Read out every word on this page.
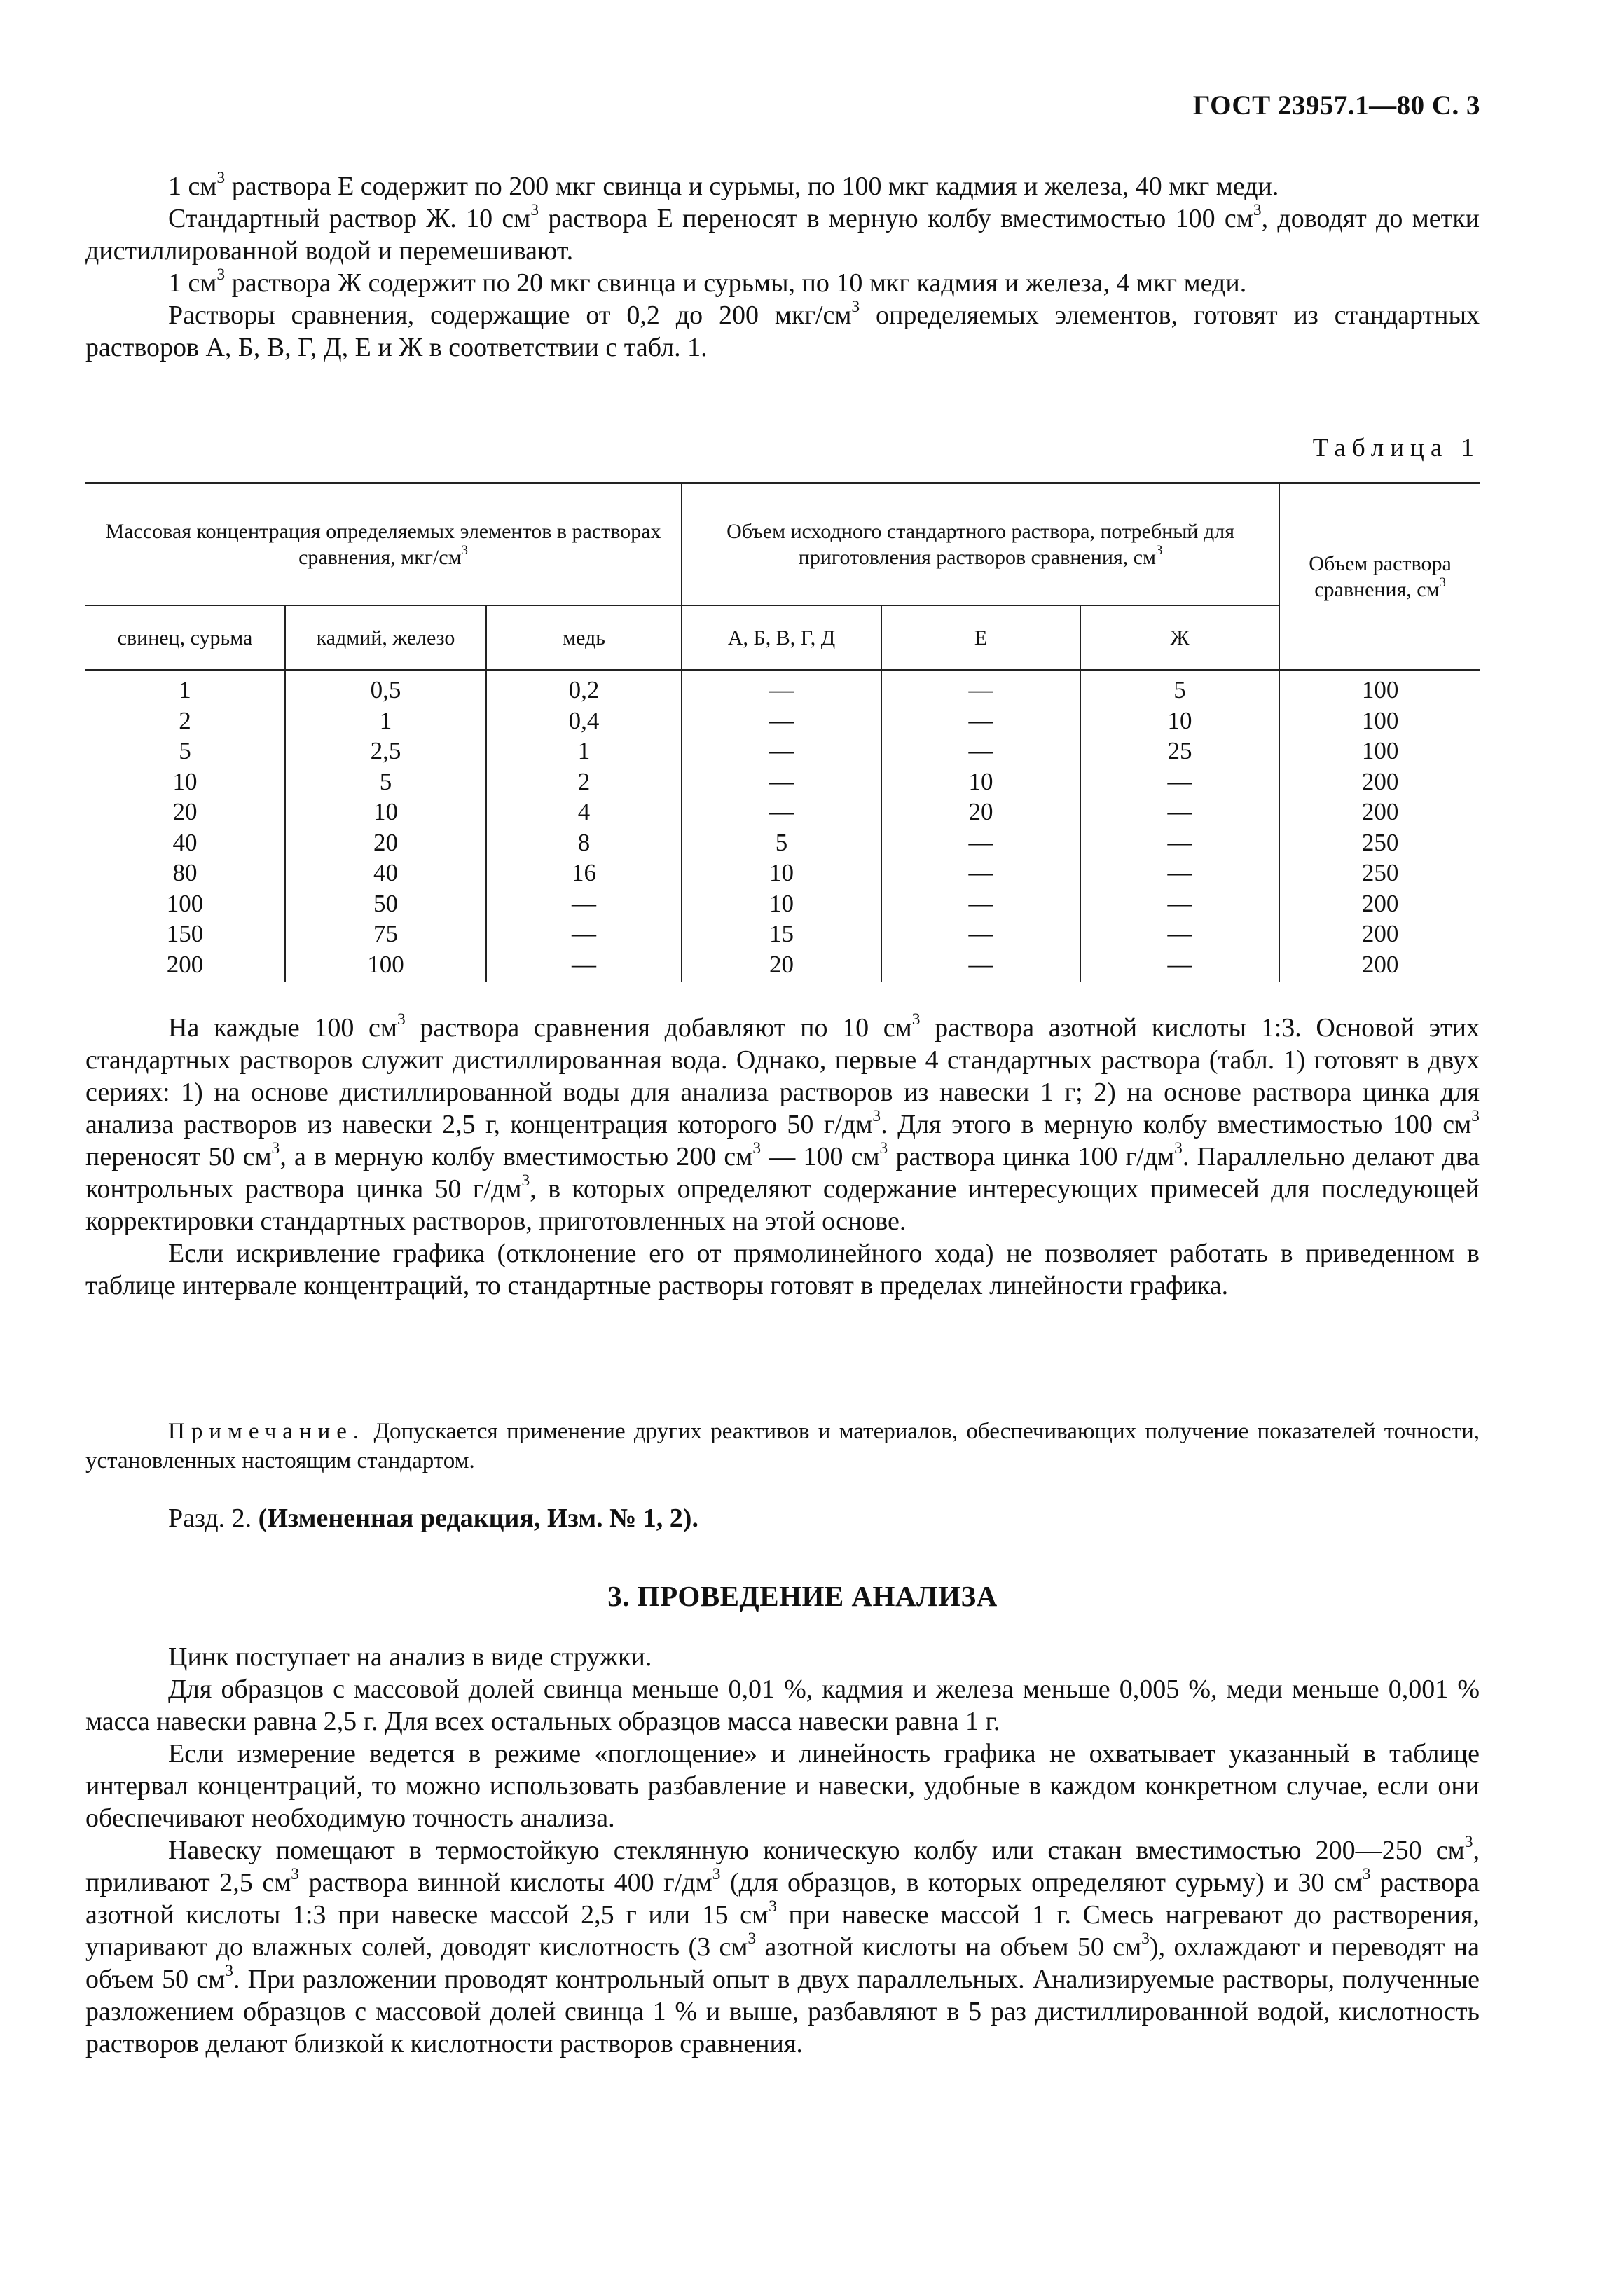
ГОСТ 23957.1—80 С. 3

1 $см^3$ раствора Е содержит по 200 мкг свинца и сурьмы, по 100 мкг кадмия и железа, 40 мкг меди.

Стандартный раствор Ж. 10 $см^3$ раствора Е переносят в мерную колбу вместимостью 100 $см^3$, доводят до метки дистиллированной водой и перемешивают.

1 $см^3$ раствора Ж содержит по 20 мкг свинца и сурьмы, по 10 мкг кадмия и железа, 4 мкг меди.

Растворы сравнения, содержащие от 0,2 до 200 мкг/$см^3$ определяемых элементов, готовят из стандартных растворов А, Б, В, Г, Д, Е и Ж в соответствии с табл. 1.

Таблица 1
Массовая концентрация определяемых элементов в растворах сравнения, мкг/$см^3$			Объем исходного стандартного раствора, потребный для приготовления растворов сравнения, $см^3$			Объем раствора сравнения, $см^3$
свинец, сурьма	кадмий, железо	медь	А, Б, В, Г, Д	Е	Ж	
1	0,5	0,2	—	—	5	100
2	1	0,4	—	—	10	100
5	2,5	1	—	—	25	100
10	5	2	—	10	—	200
20	10	4	—	20	—	200
40	20	8	5	—	—	250
80	40	16	10	—	—	250
100	50	—	10	—	—	200
150	75	—	15	—	—	200
200	100	—	20	—	—	200

На каждые 100 $см^3$ раствора сравнения добавляют по 10 $см^3$ раствора азотной кислоты 1:3. Основой этих стандартных растворов служит дистиллированная вода. Однако, первые 4 стандартных раствора (табл. 1) готовят в двух сериях: 1) на основе дистиллированной воды для анализа растворов из навески 1 г; 2) на основе раствора цинка для анализа растворов из навески 2,5 г, концентрация которого 50 $г/дм^3$. Для этого в мерную колбу вместимостью 100 $см^3$ переносят 50 $см^3$, а в мерную колбу вместимостью 200 $см^3$ — 100 $см^3$ раствора цинка 100 $г/дм^3$. Параллельно делают два контрольных раствора цинка 50 $г/дм^3$, в которых определяют содержание интересующих примесей для последующей корректировки стандартных растворов, приготовленных на этой основе.

Если искривление графика (отклонение его от прямолинейного хода) не позволяет работать в приведенном в таблице интервале концентраций, то стандартные растворы готовят в пределах линейности графика.

Примечание. Допускается применение других реактивов и материалов, обеспечивающих получение показателей точности, установленных настоящим стандартом.
Разд. 2. (Измененная редакция, Изм. № 1, 2).
3. ПРОВЕДЕНИЕ АНАЛИЗА

Цинк поступает на анализ в виде стружки.

Для образцов с массовой долей свинца меньше 0,01 %, кадмия и железа меньше 0,005 %, меди меньше 0,001 % масса навески равна 2,5 г. Для всех остальных образцов масса навески равна 1 г.

Если измерение ведется в режиме «поглощение» и линейность графика не охватывает указанный в таблице интервал концентраций, то можно использовать разбавление и навески, удобные в каждом конкретном случае, если они обеспечивают необходимую точность анализа.

Навеску помещают в термостойкую стеклянную коническую колбу или стакан вместимостью 200—250 $см^3$, приливают 2,5 $см^3$ раствора винной кислоты 400 $г/дм^3$ (для образцов, в которых определяют сурьму) и 30 $см^3$ раствора азотной кислоты 1:3 при навеске массой 2,5 г или 15 $см^3$ при навеске массой 1 г. Смесь нагревают до растворения, упаривают до влажных солей, доводят кислотность (3 $см^3$ азотной кислоты на объем 50 $см^3$), охлаждают и переводят на объем 50 $см^3$. При разложении проводят контрольный опыт в двух параллельных. Анализируемые растворы, полученные разложением образцов с массовой долей свинца 1 % и выше, разбавляют в 5 раз дистиллированной водой, кислотность растворов делают близкой к кислотности растворов сравнения.
